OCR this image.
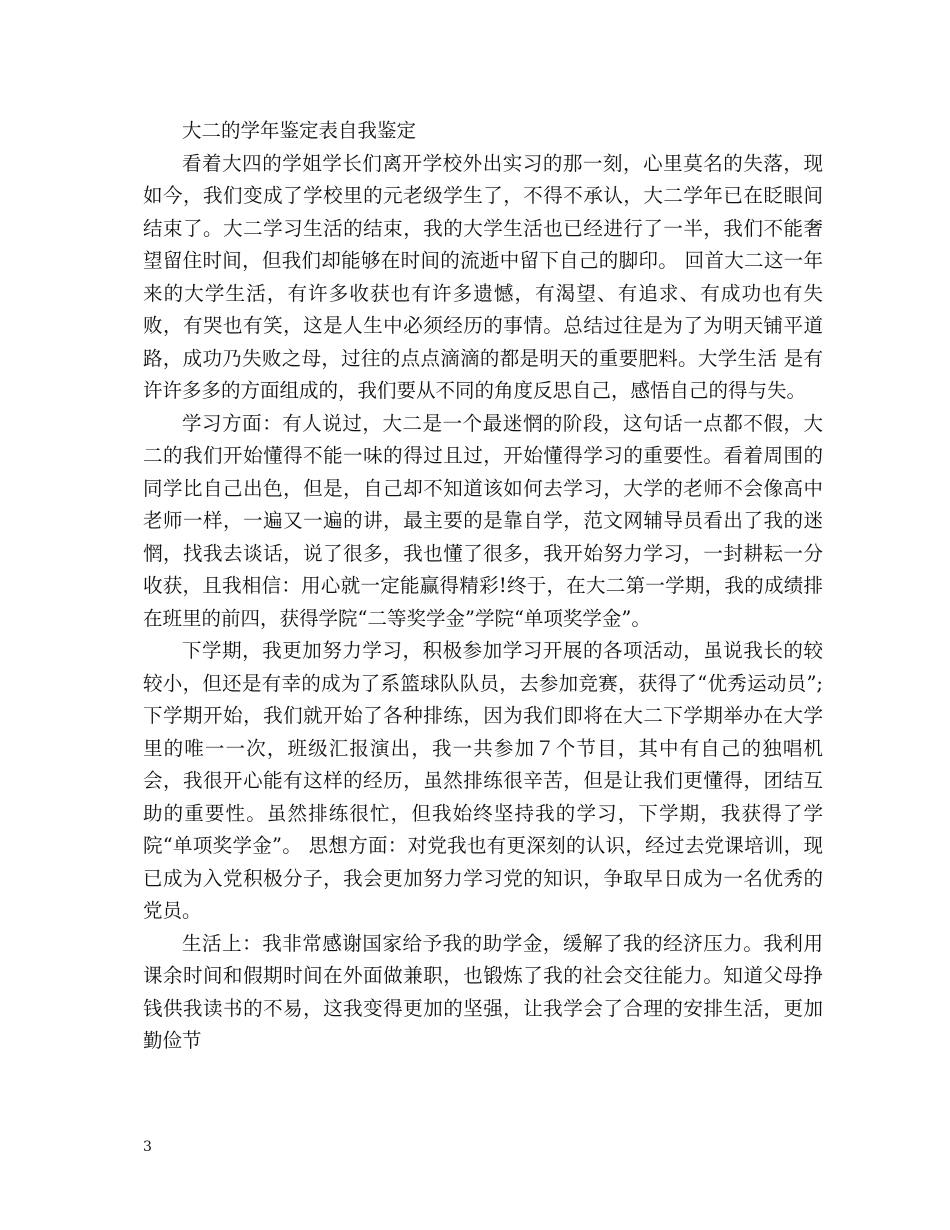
大二的学年鉴定表自我鉴定

看着大四的学姐学长们离开学校外出实习的那一刻，心里莫名的失落，现如今，我们变成了学校里的元老级学生了，不得不承认，大二学年已在眨眼间结束了。大二学习生活的结束，我的大学生活也已经进行了一半，我们不能奢望留住时间，但我们却能够在时间的流逝中留下自己的脚印。 回首大二这一年来的大学生活，有许多收获也有许多遗憾，有渴望、有追求、有成功也有失败，有哭也有笑，这是人生中必须经历的事情。总结过往是为了为明天铺平道路，成功乃失败之母，过往的点点滴滴的都是明天的重要肥料。大学生活 是有许许多多的方面组成的，我们要从不同的角度反思自己，感悟自己的得与失。

学习方面：有人说过，大二是一个最迷惘的阶段，这句话一点都不假，大二的我们开始懂得不能一味的得过且过，开始懂得学习的重要性。看着周围的同学比自己出色，但是，自己却不知道该如何去学习，大学的老师不会像高中老师一样，一遍又一遍的讲，最主要的是靠自学，范文网辅导员看出了我的迷惘，找我去谈话，说了很多，我也懂了很多，我开始努力学习，一封耕耘一分收获，且我相信：用心就一定能赢得精彩!终于，在大二第一学期，我的成绩排在班里的前四，获得学院“二等奖学金”学院“单项奖学金”。

下学期，我更加努力学习，积极参加学习开展的各项活动，虽说我长的较较小，但还是有幸的成为了系篮球队队员，去参加竞赛，获得了“优秀运动员”;下学期开始，我们就开始了各种排练，因为我们即将在大二下学期举办在大学里的唯一一次，班级汇报演出，我一共参加７个节目，其中有自己的独唱机会，我很开心能有这样的经历，虽然排练很辛苦，但是让我们更懂得，团结互助的重要性。虽然排练很忙，但我始终坚持我的学习，下学期，我获得了学院“单项奖学金”。 思想方面：对党我也有更深刻的认识，经过去党课培训，现已成为入党积极分子，我会更加努力学习党的知识，争取早日成为一名优秀的党员。

生活上：我非常感谢国家给予我的助学金，缓解了我的经济压力。我利用课余时间和假期时间在外面做兼职，也锻炼了我的社会交往能力。知道父母挣钱供我读书的不易，这我变得更加的坚强，让我学会了合理的安排生活，更加勤俭节

3
